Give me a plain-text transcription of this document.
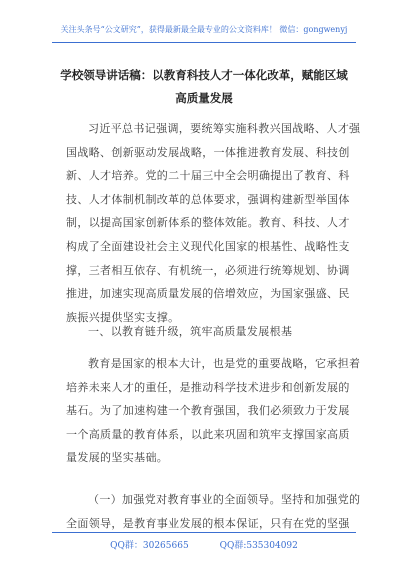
关注头条号“公文研究”，获得最新最全最专业的公文资料库！ 微信：gongwenyj
学校领导讲话稿：以教育科技人才一体化改革，赋能区域
高质量发展
习近平总书记强调，要统筹实施科教兴国战略、人才强
国战略、创新驱动发展战略，一体推进教育发展、科技创
新、人才培养。党的二十届三中全会明确提出了教育、科
技、人才体制机制改革的总体要求，强调构建新型举国体
制，以提高国家创新体系的整体效能。教育、科技、人才
构成了全面建设社会主义现代化国家的根基性、战略性支
撑，三者相互依存、有机统一，必须进行统筹规划、协调
推进，加速实现高质量发展的倍增效应，为国家强盛、民
族振兴提供坚实支撑。
一、以教育链升级，筑牢高质量发展根基
教育是国家的根本大计，也是党的重要战略，它承担着
培养未来人才的重任，是推动科学技术进步和创新发展的
基石。为了加速构建一个教育强国，我们必须致力于发展
一个高质量的教育体系，以此来巩固和筑牢支撑国家高质
量发展的坚实基础。
（一）加强党对教育事业的全面领导。坚持和加强党的
全面领导，是教育事业发展的根本保证，只有在党的坚强
QQ群：30265665	QQ群:535304092
